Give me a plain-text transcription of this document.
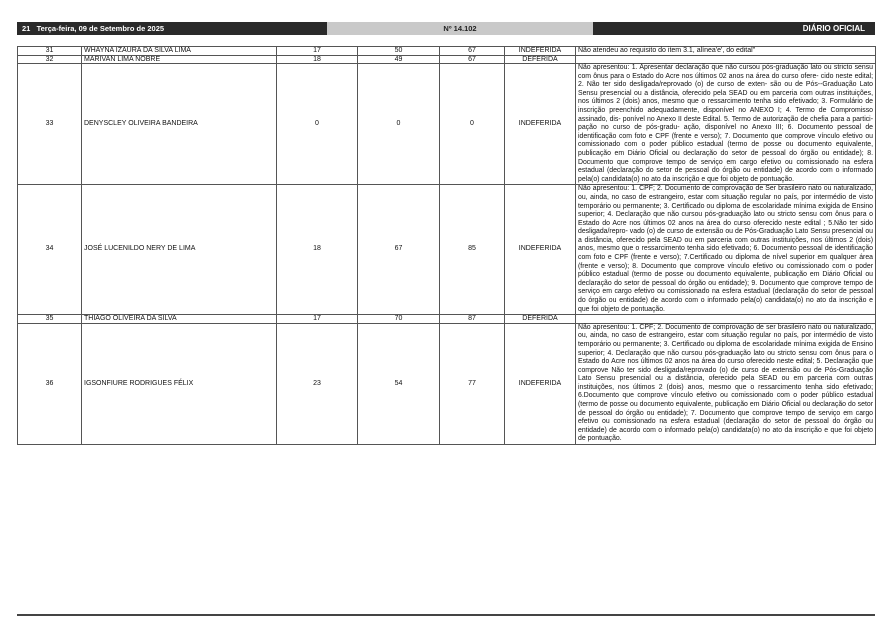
21 Terça-feira, 09 de Setembro de 2025	Nº 14.102	DIÁRIO OFICIAL
31	WHAYNA IZAURA DA SILVA LIMA	17	50	67	INDEFERIDA	Não atendeu ao requisito do item 3.1, alínea'e', do edital"
32	MARIVAN LIMA NOBRE	18	49	67	DEFERIDA	
33	DENYSCLEY OLIVEIRA BANDEIRA	0	0	0	INDEFERIDA	Não apresentou: 1. Apresentar declaração que não cursou pós-graduação lato ou stricto sensu com ônus para o Estado do Acre nos últimos 02 anos na área do curso ofere- cido neste edital; 2. Não ter sido desligada/reprovado (o) de curso de exten- são ou de Pós--Graduação Lato Sensu presencial ou a distância, oferecido pela SEAD ou em parceria com outras instituições, nos últimos 2 (dois) anos, mesmo que o ressarcimento tenha sido efetivado; 3. Formulário de inscrição preenchido adequadamente, disponível no ANEXO I; 4. Termo de Compromisso assinado, dis- ponível no Anexo II deste Edital. 5. Termo de autorização de chefia para a partici- pação no curso de pós-gradu- ação, disponível no Anexo III; 6. Documento pessoal de identificação com foto e CPF (frente e verso); 7. Documento que comprove vínculo efetivo ou comissionado com o poder público estadual (termo de posse ou documento equivalente, publicação em Diário Oficial ou declaração do setor de pessoal do órgão ou entidade); 8. Documento que comprove tempo de serviço em cargo efetivo ou comissionado na esfera estadual (declaração do setor de pessoal do órgão ou entidade) de acordo com o informado pela(o) candidata(o) no ato da inscrição e que foi objeto de pontuação.
34	JOSÉ LUCENILDO NERY DE LIMA	18	67	85	INDEFERIDA	Não apresentou: 1. CPF; 2. Documento de comprovação de Ser brasileiro nato ou naturalizado, ou, ainda, no caso de estrangeiro, estar com situação regular no país, por intermédio de visto temporário ou permanente; 3. Certificado ou diploma de escolaridade mínima exigida de Ensino superior; 4. Declaração que não cursou pós-graduação lato ou stricto sensu com ônus para o Estado do Acre nos últimos 02 anos na área do curso oferecido neste edital ; 5.Não ter sido desligada/repro- vado (o) de curso de extensão ou de Pós-Graduação Lato Sensu presencial ou a distância, oferecido pela SEAD ou em parceria com outras instituições, nos últimos 2 (dois) anos, mesmo que o ressarcimento tenha sido efetivado; 6. Documento pessoal de identificação com foto e CPF (frente e verso); 7.Certificado ou diploma de nível superior em qualquer área (frente e verso); 8. Documento que comprove vínculo efetivo ou comissionado com o poder público estadual (termo de posse ou documento equivalente, publicação em Diário Oficial ou declaração do setor de pessoal do órgão ou entidade); 9. Documento que comprove tempo de serviço em cargo efetivo ou comissionado na esfera estadual (declaração do setor de pessoal do órgão ou entidade) de acordo com o informado pela(o) candidata(o) no ato da inscrição e que foi objeto de pontuação.
35	THIAGO OLIVEIRA DA SILVA	17	70	87	DEFERIDA	
36	IGSONFIURE RODRIGUES FÉLIX	23	54	77	INDEFERIDA	Não apresentou: 1. CPF; 2. Documento de comprovação de ser brasileiro nato ou naturalizado, ou, ainda, no caso de estrangeiro, estar com situação regular no país, por intermédio de visto temporário ou permanente; 3. Certificado ou diploma de escolaridade mínima exigida de Ensino superior; 4. Declaração que não cursou pós-graduação lato ou stricto sensu com ônus para o Estado do Acre nos últimos 02 anos na área do curso oferecido neste edital; 5. Declaração que comprove Não ter sido desligada/reprovado (o) de curso de extensão ou de Pós-Graduação Lato Sensu presencial ou a distância, oferecido pela SEAD ou em parceria com outras instituições, nos últimos 2 (dois) anos, mesmo que o ressarcimento tenha sido efetivado; 6.Documento que comprove vínculo efetivo ou comissionado com o poder público estadual (termo de posse ou documento equivalente, publicação em Diário Oficial ou declaração do setor de pessoal do órgão ou entidade); 7. Documento que comprove tempo de serviço em cargo efetivo ou comissionado na esfera estadual (declaração do setor de pessoal do órgão ou entidade) de acordo com o informado pela(o) candidata(o) no ato da inscrição e que foi objeto de pontuação.
